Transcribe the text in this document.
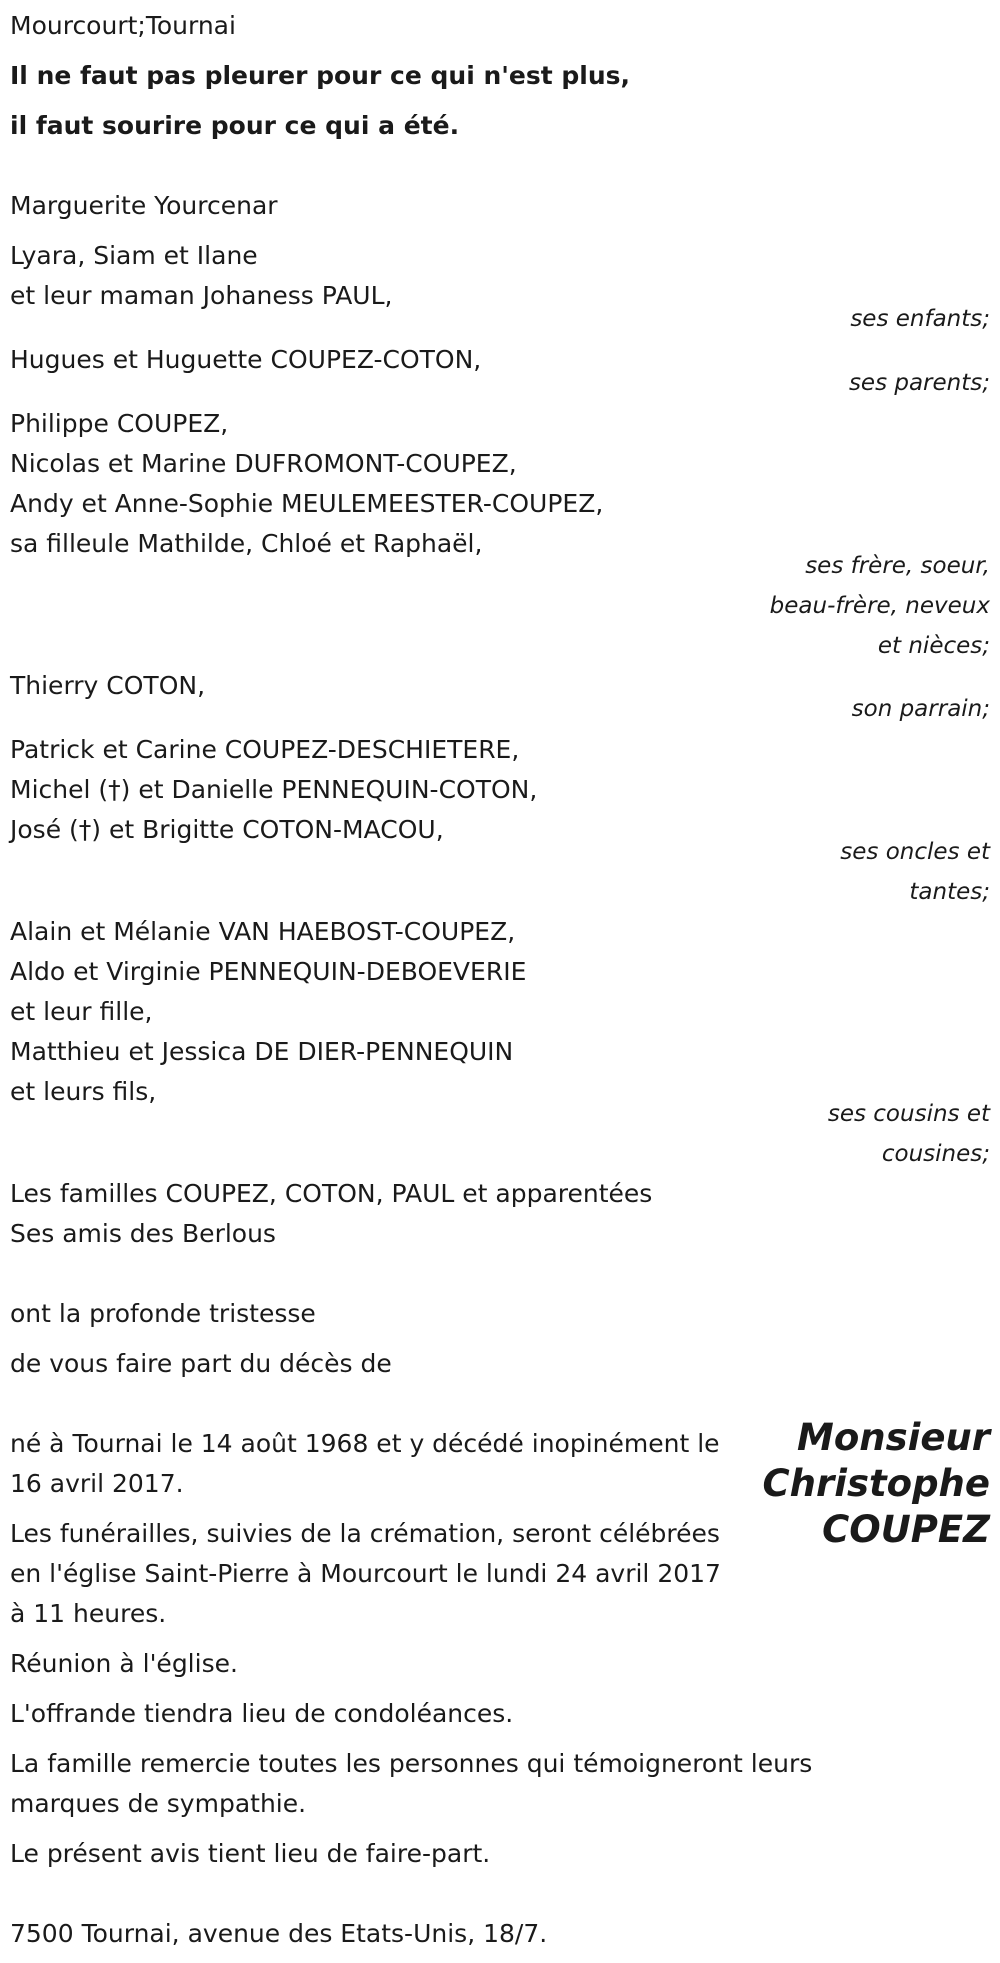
Mourcourt;Tournai
Il ne faut pas pleurer pour ce qui n'est plus,
il faut sourire pour ce qui a été.
Marguerite Yourcenar
Lyara, Siam et Ilane
et leur maman Johaness PAUL,
ses enfants;
Hugues et Huguette COUPEZ-COTON,
ses parents;
Philippe COUPEZ,
Nicolas et Marine DUFROMONT-COUPEZ,
Andy et Anne-Sophie MEULEMEESTER-COUPEZ,
sa filleule Mathilde, Chloé et Raphaël,
ses frère, soeur,
beau-frère, neveux
et nièces;
Thierry COTON,
son parrain;
Patrick et Carine COUPEZ-DESCHIETERE,
Michel (†) et Danielle PENNEQUIN-COTON,
José (†) et Brigitte COTON-MACOU,
ses oncles et
tantes;
Alain et Mélanie VAN HAEBOST-COUPEZ,
Aldo et Virginie PENNEQUIN-DEBOEVERIE
et leur fille,
Matthieu et Jessica DE DIER-PENNEQUIN
et leurs fils,
ses cousins et
cousines;
Les familles COUPEZ, COTON, PAUL et apparentées
Ses amis des Berlous
ont la profonde tristesse
de vous faire part du décès de
Monsieur
Christophe
COUPEZ
né à Tournai le 14 août 1968 et y décédé inopinément le 16 avril 2017.
Les funérailles, suivies de la crémation, seront célébrées en l'église Saint-Pierre à Mourcourt le lundi 24 avril 2017 à 11 heures.
Réunion à l'église.
L'offrande tiendra lieu de condoléances.
La famille remercie toutes les personnes qui témoigneront leurs marques de sympathie.
Le présent avis tient lieu de faire-part.
7500 Tournai, avenue des Etats-Unis, 18/7.
